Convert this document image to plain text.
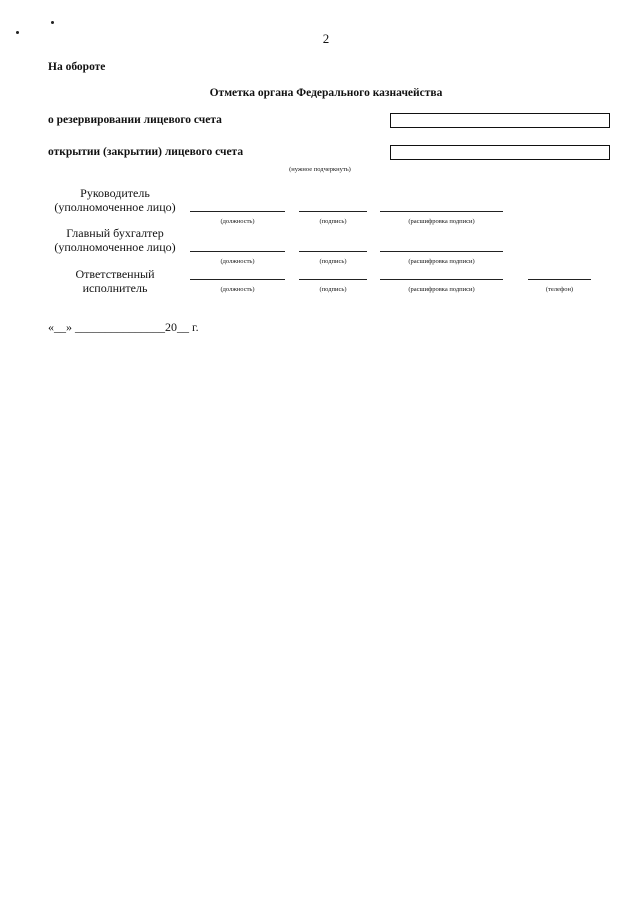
2
На обороте
Отметка органа Федерального казначейства
о резервировании лицевого счета
открытии (закрытии) лицевого счета
(нужное подчеркнуть)
Руководитель
(уполномоченное лицо)
(должность)	(подпись)	(расшифровка подписи)
Главный бухгалтер
(уполномоченное лицо)
(должность)	(подпись)	(расшифровка подписи)
Ответственный
исполнитель	(должность)	(подпись)	(расшифровка подписи)	(телефон)
«__» _______________20__ г.
